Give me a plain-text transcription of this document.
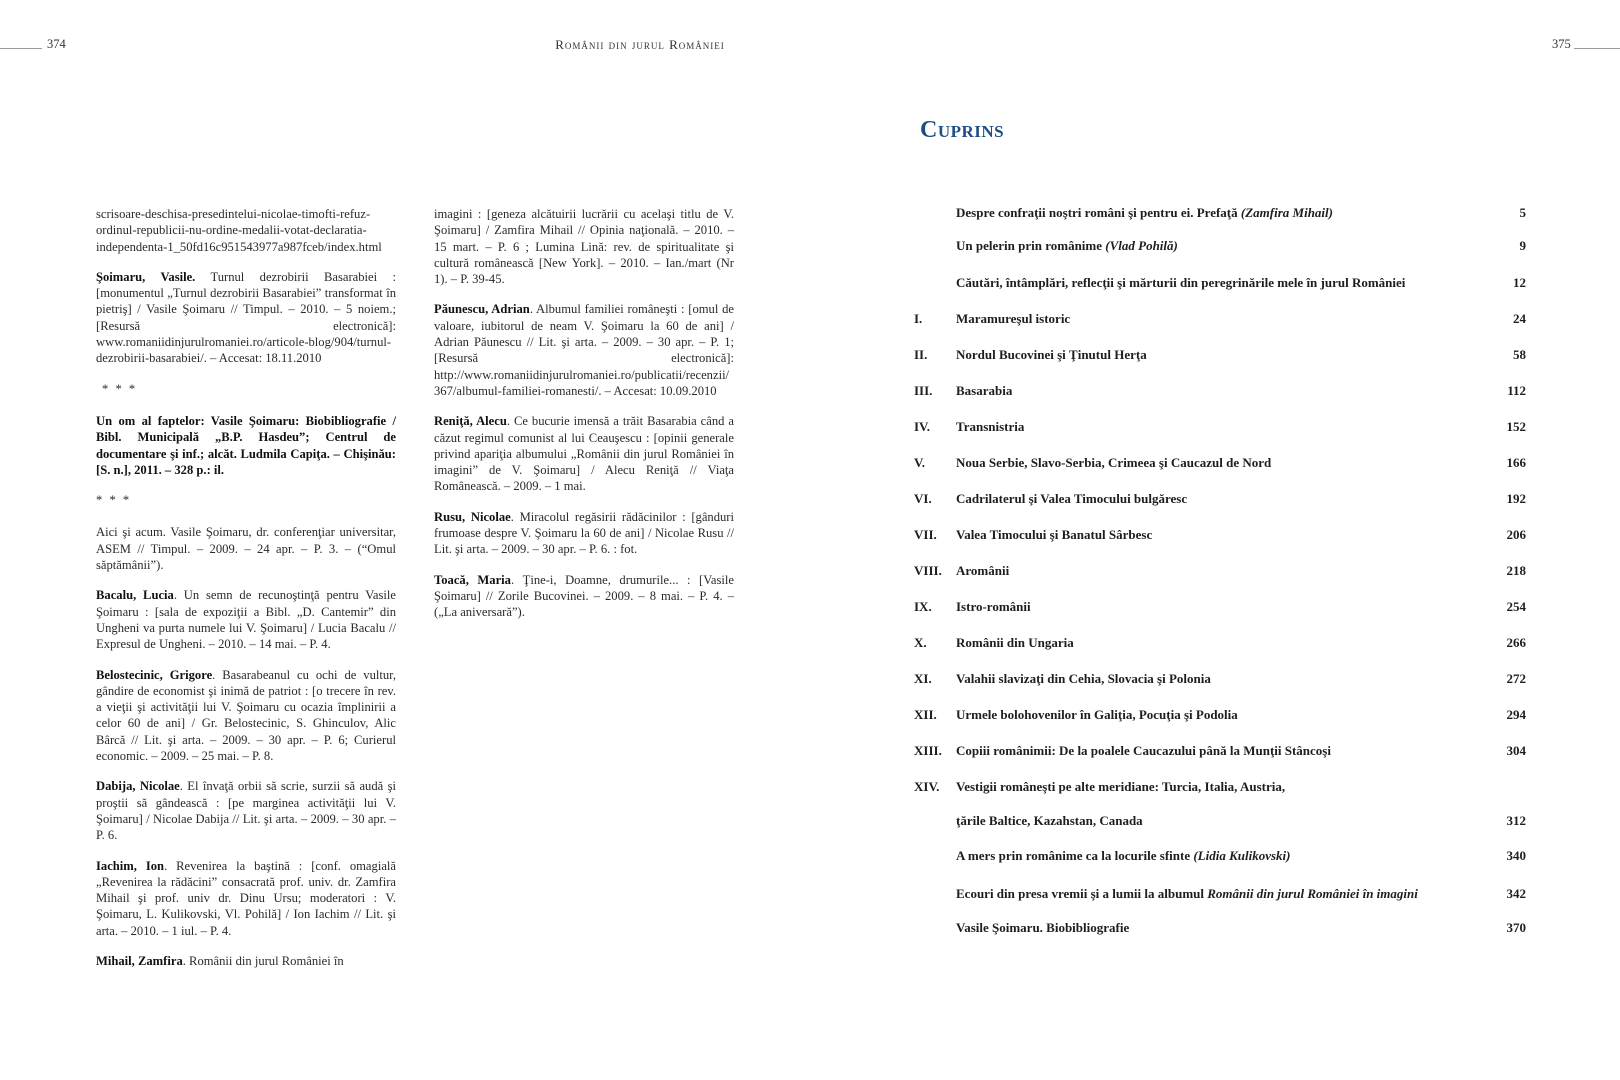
374	Românii din jurul României	375

scrisoare-deschisa-presedintelui-nicolae-timofti-refuz-ordinul-republicii-nu-ordine-medalii-votat-declaratia-independenta-1_50fd16c951543977a987fceb/index.html

Şoimaru, Vasile. Turnul dezrobirii Basarabiei : [monumentul „Turnul dezrobirii Basarabiei” transformat în pietriş] / Vasile Şoimaru // Timpul. – 2010. – 5 noiem.; [Resursă electronică]: www.romaniidinjurulromaniei.ro/articole-blog/904/turnul-dezrobirii-basarabiei/. – Accesat: 18.11.2010

* * *

Un om al faptelor: Vasile Şoimaru: Biobibliografie / Bibl. Municipală „B.P. Hasdeu”; Centrul de documentare şi inf.; alcăt. Ludmila Capiţa. – Chişinău: [S. n.], 2011. – 328 p.: il.

* * *

Aici şi acum. Vasile Şoimaru, dr. conferenţiar universitar, ASEM // Timpul. – 2009. – 24 apr. – P. 3. – (“Omul săptămânii”).

Bacalu, Lucia. Un semn de recunoştinţă pentru Vasile Şoimaru : [sala de expoziţii a Bibl. „D. Cantemir” din Ungheni va purta numele lui V. Şoimaru] / Lucia Bacalu // Expresul de Ungheni. – 2010. – 14 mai. – P. 4.

Belostecinic, Grigore. Basarabeanul cu ochi de vultur, gândire de economist şi inimă de patriot : [o trecere în rev. a vieţii şi activităţii lui V. Şoimaru cu ocazia împlinirii a celor 60 de ani] / Gr. Belostecinic, S. Ghinculov, Alic Bârcă // Lit. şi arta. – 2009. – 30 apr. – P. 6; Curierul economic. – 2009. – 25 mai. – P. 8.

Dabija, Nicolae. El învaţă orbii să scrie, surzii să audă şi proştii să gândească : [pe marginea activităţii lui V. Şoimaru] / Nicolae Dabija // Lit. şi arta. – 2009. – 30 apr. – P. 6.

Iachim, Ion. Revenirea la baştină : [conf. omagială „Revenirea la rădăcini” consacrată prof. univ. dr. Zamfira Mihail şi prof. univ dr. Dinu Ursu; moderatori : V. Şoimaru, L. Kulikovski, Vl. Pohilă] / Ion Iachim // Lit. şi arta. – 2010. – 1 iul. – P. 4.

Mihail, Zamfira. Românii din jurul României în

imagini : [geneza alcătuirii lucrării cu acelaşi titlu de V. Şoimaru] / Zamfira Mihail // Opinia naţională. – 2010. – 15 mart. – P. 6 ; Lumina Lină: rev. de spiritualitate şi cultură românească [New York]. – 2010. – Ian./mart (Nr 1). – P. 39-45.

Păunescu, Adrian. Albumul familiei româneşti : [omul de valoare, iubitorul de neam V. Şoimaru la 60 de ani] / Adrian Păunescu // Lit. şi arta. – 2009. – 30 apr. – P. 1; [Resursă electronică]: http://www.romaniidinjurulromaniei.ro/publicatii/recenzii/367/albumul-familiei-romanesti/. – Accesat: 10.09.2010

Reniţă, Alecu. Ce bucurie imensă a trăit Basarabia când a căzut regimul comunist al lui Ceauşescu : [opinii generale privind apariţia albumului „Românii din jurul României în imagini” de V. Şoimaru] / Alecu Reniţă // Viaţa Românească. – 2009. – 1 mai.

Rusu, Nicolae. Miracolul regăsirii rădăcinilor : [gânduri frumoase despre V. Şoimaru la 60 de ani] / Nicolae Rusu // Lit. şi arta. – 2009. – 30 apr. – P. 6. : fot.

Toacă, Maria. Ţine-i, Doamne, drumurile... : [Vasile Şoimaru] // Zorile Bucovinei. – 2009. – 8 mai. – P. 4. – („La aniversară”).

Cuprins
Despre confraţii noştri români şi pentru ei. Prefaţă (Zamfira Mihail)	5
Un pelerin prin românime (Vlad Pohilă)	9
Căutări, întâmplări, reflecţii şi mărturii din peregrinările mele în jurul României	12
I.	Maramureşul istoric	24
II.	Nordul Bucovinei şi Ţinutul Herţa	58
III.	Basarabia	112
IV.	Transnistria	152
V.	Noua Serbie, Slavo-Serbia, Crimeea şi Caucazul de Nord	166
VI.	Cadrilaterul şi Valea Timocului bulgăresc	192
VII.	Valea Timocului şi Banatul Sârbesc	206
VIII.	Aromânii	218
IX.	Istro-românii	254
X.	Românii din Ungaria	266
XI.	Valahii slavizaţi din Cehia, Slovacia şi Polonia	272
XII.	Urmele bolohovenilor în Galiţia, Pocuţia şi Podolia	294
XIII.	Copiii românimii: De la poalele Caucazului până la Munţii Stâncoşi	304
XIV.	Vestigii româneşti pe alte meridiane: Turcia, Italia, Austria,
ţările Baltice, Kazahstan, Canada	312
A mers prin românime ca la locurile sfinte (Lidia Kulikovski)	340
Ecouri din presa vremii şi a lumii la albumul Românii din jurul României în imagini	342
Vasile Şoimaru. Biobibliografie	370
